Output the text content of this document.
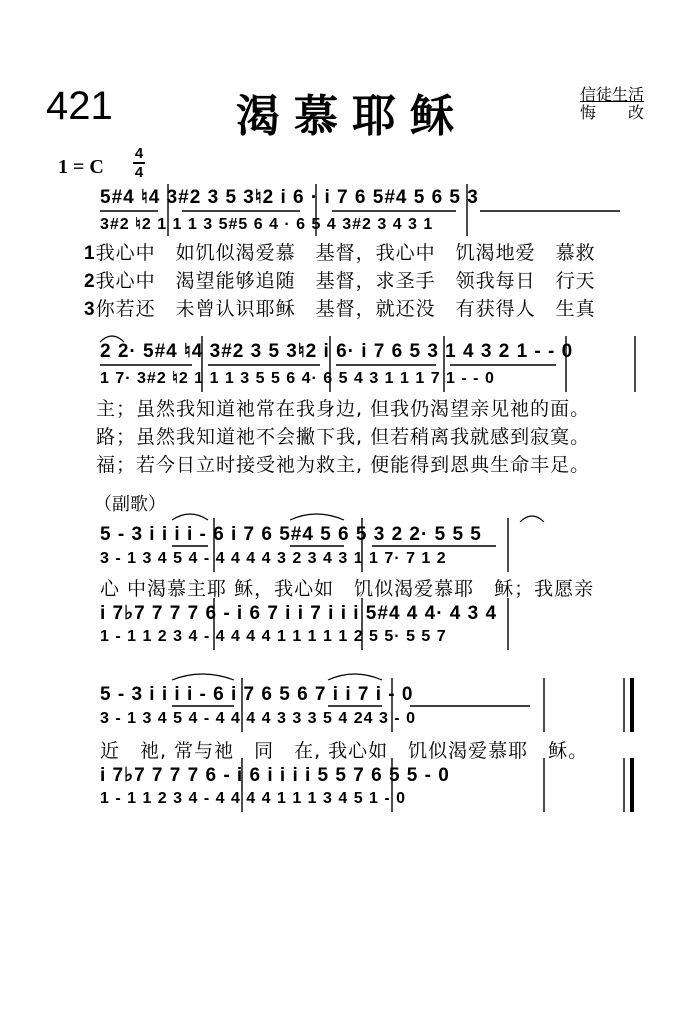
421	渴慕耶稣	信徒生活
悔　　改
1 = C
4
4
5#4 ♮4 3#2 3 5 3♮2 i 6 · i 7 6 5#4 5 6 5 3
3#2 ♮2 1 1 1 3 5#5 6 4 · 6 5 4 3#2 3 4 3 1
1我心中　如饥似渴爱慕　基督，我心中　饥渴地爱　慕救
2我心中　渴望能够追随　基督，求圣手　领我每日　行天
3你若还　未曾认识耶稣　基督，就还没　有获得人　生真
2 2· 5#4 ♮4 3#2 3 5 3♮2 i 6· i 7 6 5 3 1 4 3 2 1 - - 0
1 7· 3#2 ♮2 1 1 1 3 5 5 6 4· 6 5 4 3 1 1 1 7 1 - - 0
主；虽然我知道祂常在我身边, 但我仍渴望亲见祂的面。
路；虽然我知道祂不会撇下我, 但若稍离我就感到寂寞。
福；若今日立时接受祂为救主, 便能得到恩典生命丰足。
（副歌）
5 - 3 i i i i - 6 i 7 6 5#4 5 6 5 3 2 2· 5 5 5
3 - 1 3 4 5 4 - 4 4 4 4 3 2 3 4 3 1 1 7· 7 1 2
心 中渴慕主耶 稣，我心如　饥似渴爱慕耶　稣；我愿亲
i 7♭7 7 7 7 6 - i 6 7 i i 7 i i i 5#4 4 4· 4 3 4
1 - 1 1 2 3 4 - 4 4 4 4 1 1 1 1 1 2 5 5· 5 5 7
5 - 3 i i i i - 6 i 7 6 5 6 7 i i 7 i - 0
3 - 1 3 4 5 4 - 4 4 4 4 3 3 3 5 4 24 3 - 0
近　祂, 常与祂　同　在, 我心如　饥似渴爱慕耶　稣。
i 7♭7 7 7 7 6 - i 6 i i i i 5 5 7 6 5 5 - 0
1 - 1 1 2 3 4 - 4 4 4 4 1 1 1 3 4 5 1 - 0
